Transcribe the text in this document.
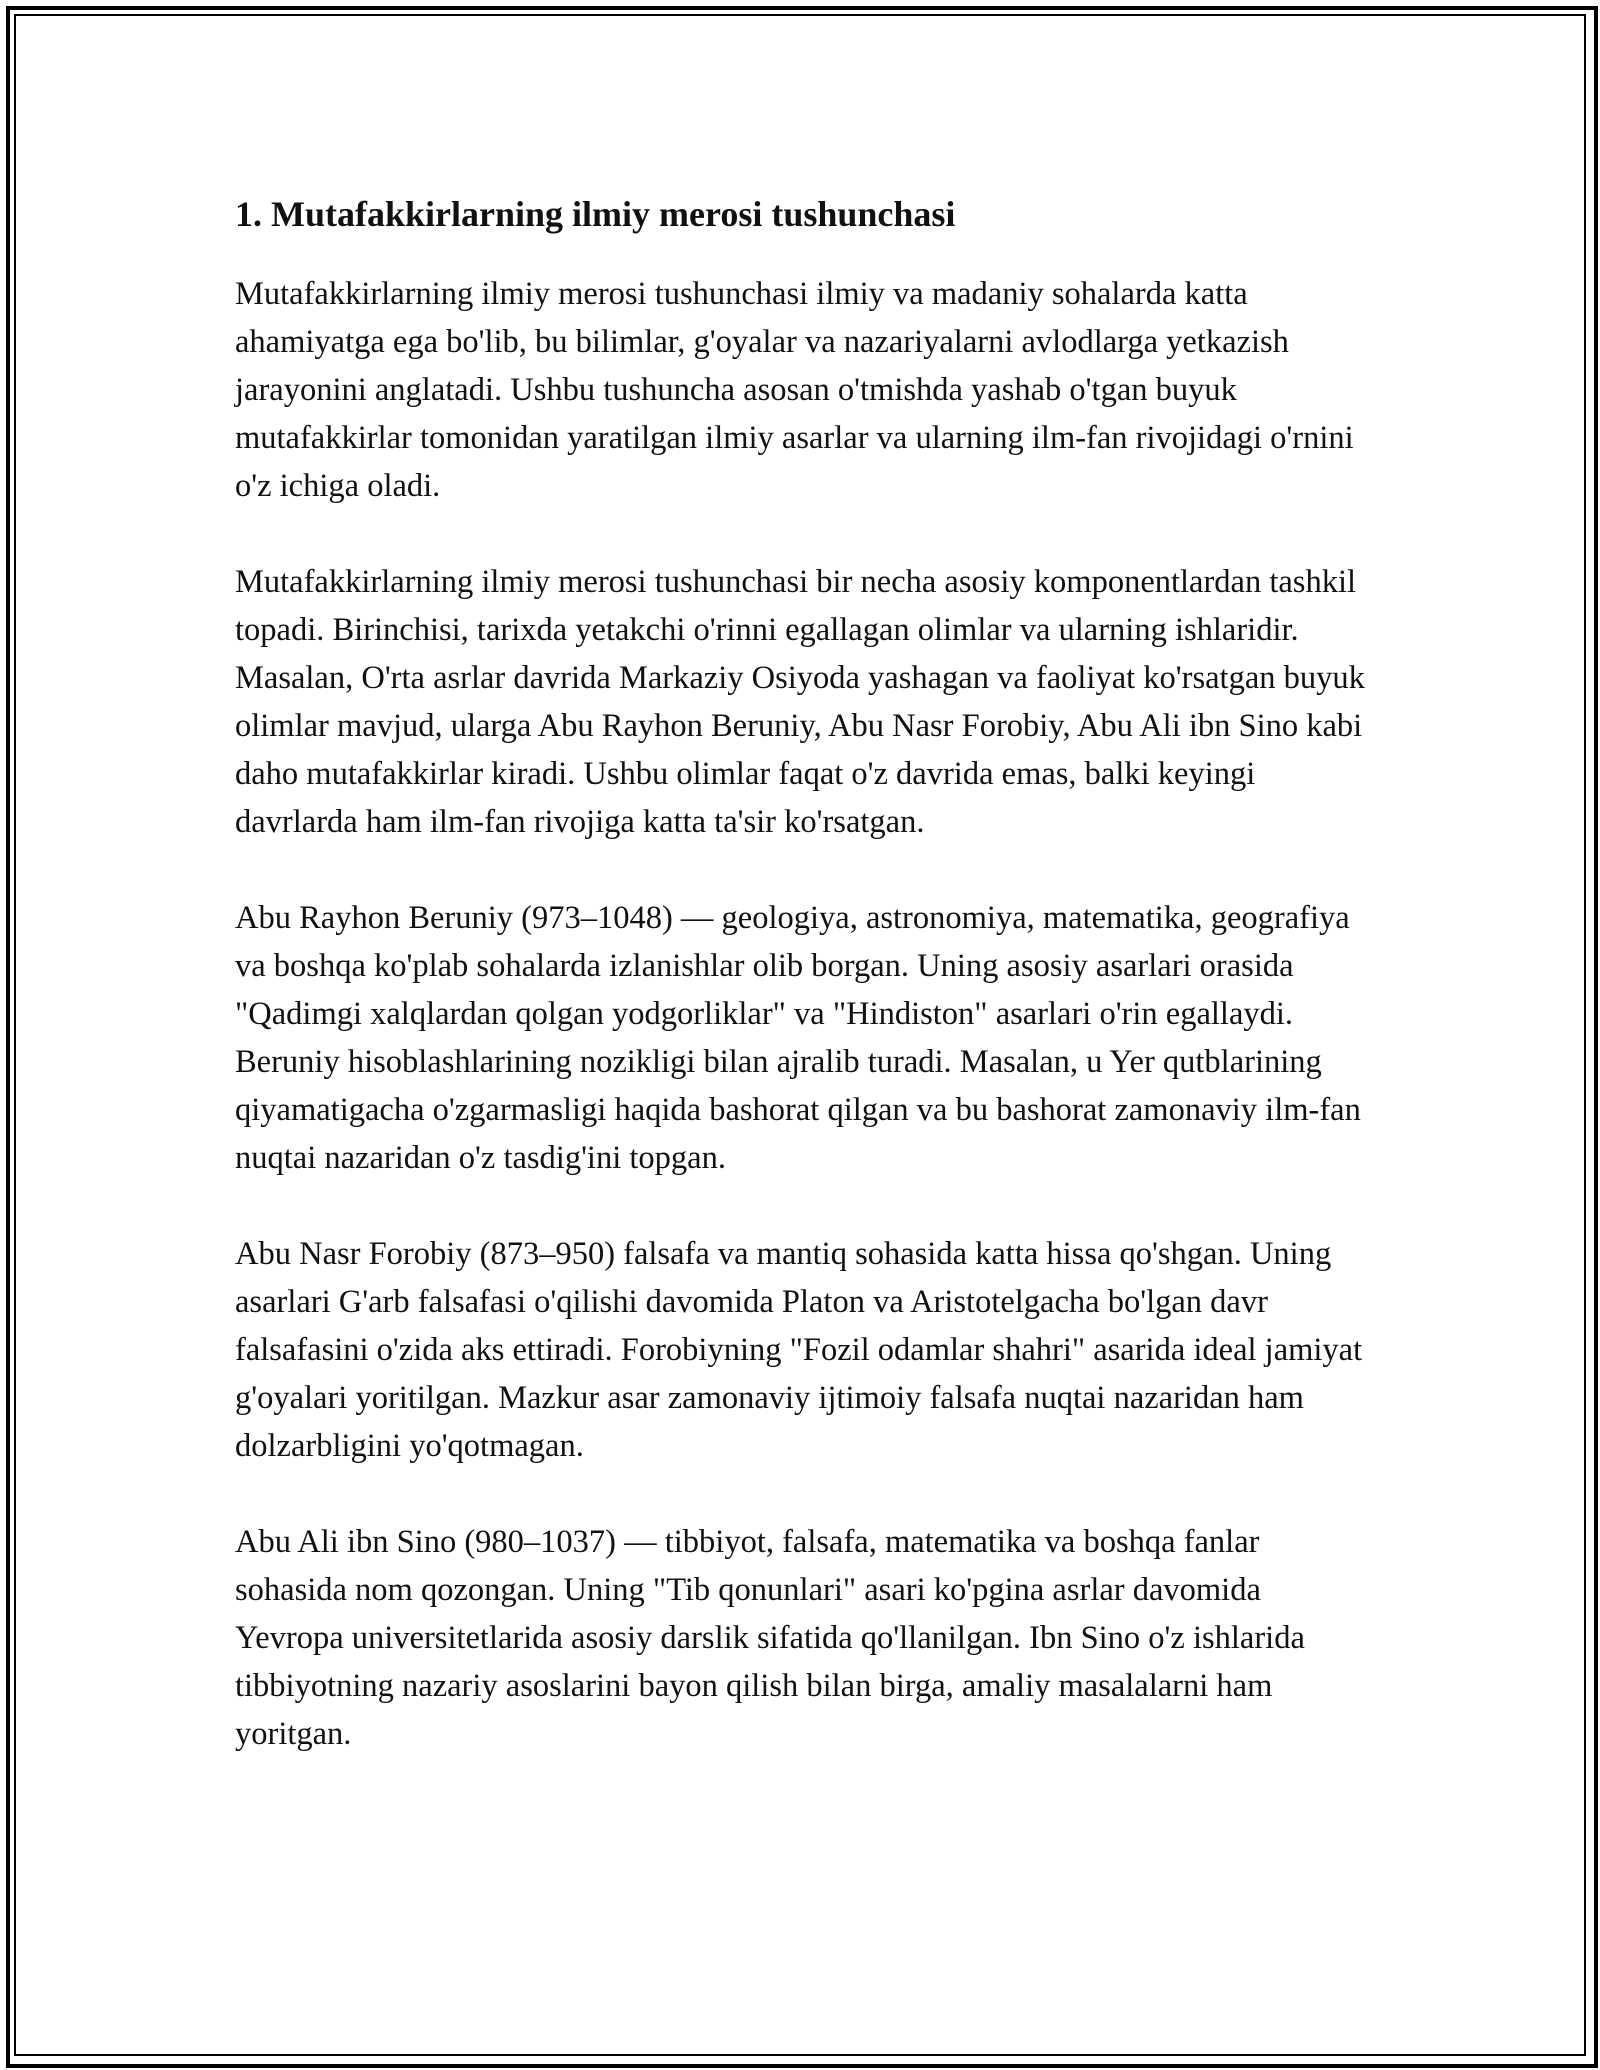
1. Mutafakkirlarning ilmiy merosi tushunchasi

Mutafakkirlarning ilmiy merosi tushunchasi ilmiy va madaniy sohalarda katta ahamiyatga ega bo'lib, bu bilimlar, g'oyalar va nazariyalarni avlodlarga yetkazish jarayonini anglatadi. Ushbu tushuncha asosan o'tmishda yashab o'tgan buyuk mutafakkirlar tomonidan yaratilgan ilmiy asarlar va ularning ilm-fan rivojidagi o'rnini o'z ichiga oladi.

Mutafakkirlarning ilmiy merosi tushunchasi bir necha asosiy komponentlardan tashkil topadi. Birinchisi, tarixda yetakchi o'rinni egallagan olimlar va ularning ishlaridir. Masalan, O'rta asrlar davrida Markaziy Osiyoda yashagan va faoliyat ko'rsatgan buyuk olimlar mavjud, ularga Abu Rayhon Beruniy, Abu Nasr Forobiy, Abu Ali ibn Sino kabi daho mutafakkirlar kiradi. Ushbu olimlar faqat o'z davrida emas, balki keyingi davrlarda ham ilm-fan rivojiga katta ta'sir ko'rsatgan.

Abu Rayhon Beruniy (973–1048) — geologiya, astronomiya, matematika, geografiya va boshqa ko'plab sohalarda izlanishlar olib borgan. Uning asosiy asarlari orasida "Qadimgi xalqlardan qolgan yodgorliklar" va "Hindiston" asarlari o'rin egallaydi. Beruniy hisoblashlarining nozikligi bilan ajralib turadi. Masalan, u Yer qutblarining qiyamatigacha o'zgarmasligi haqida bashorat qilgan va bu bashorat zamonaviy ilm-fan nuqtai nazaridan o'z tasdig'ini topgan.

Abu Nasr Forobiy (873–950) falsafa va mantiq sohasida katta hissa qo'shgan. Uning asarlari G'arb falsafasi o'qilishi davomida Platon va Aristotelgacha bo'lgan davr falsafasini o'zida aks ettiradi. Forobiyning "Fozil odamlar shahri" asarida ideal jamiyat g'oyalari yoritilgan. Mazkur asar zamonaviy ijtimoiy falsafa nuqtai nazaridan ham dolzarbligini yo'qotmagan.

Abu Ali ibn Sino (980–1037) — tibbiyot, falsafa, matematika va boshqa fanlar sohasida nom qozongan. Uning "Tib qonunlari" asari ko'pgina asrlar davomida Yevropa universitetlarida asosiy darslik sifatida qo'llanilgan. Ibn Sino o'z ishlarida tibbiyotning nazariy asoslarini bayon qilish bilan birga, amaliy masalalarni ham yoritgan.
